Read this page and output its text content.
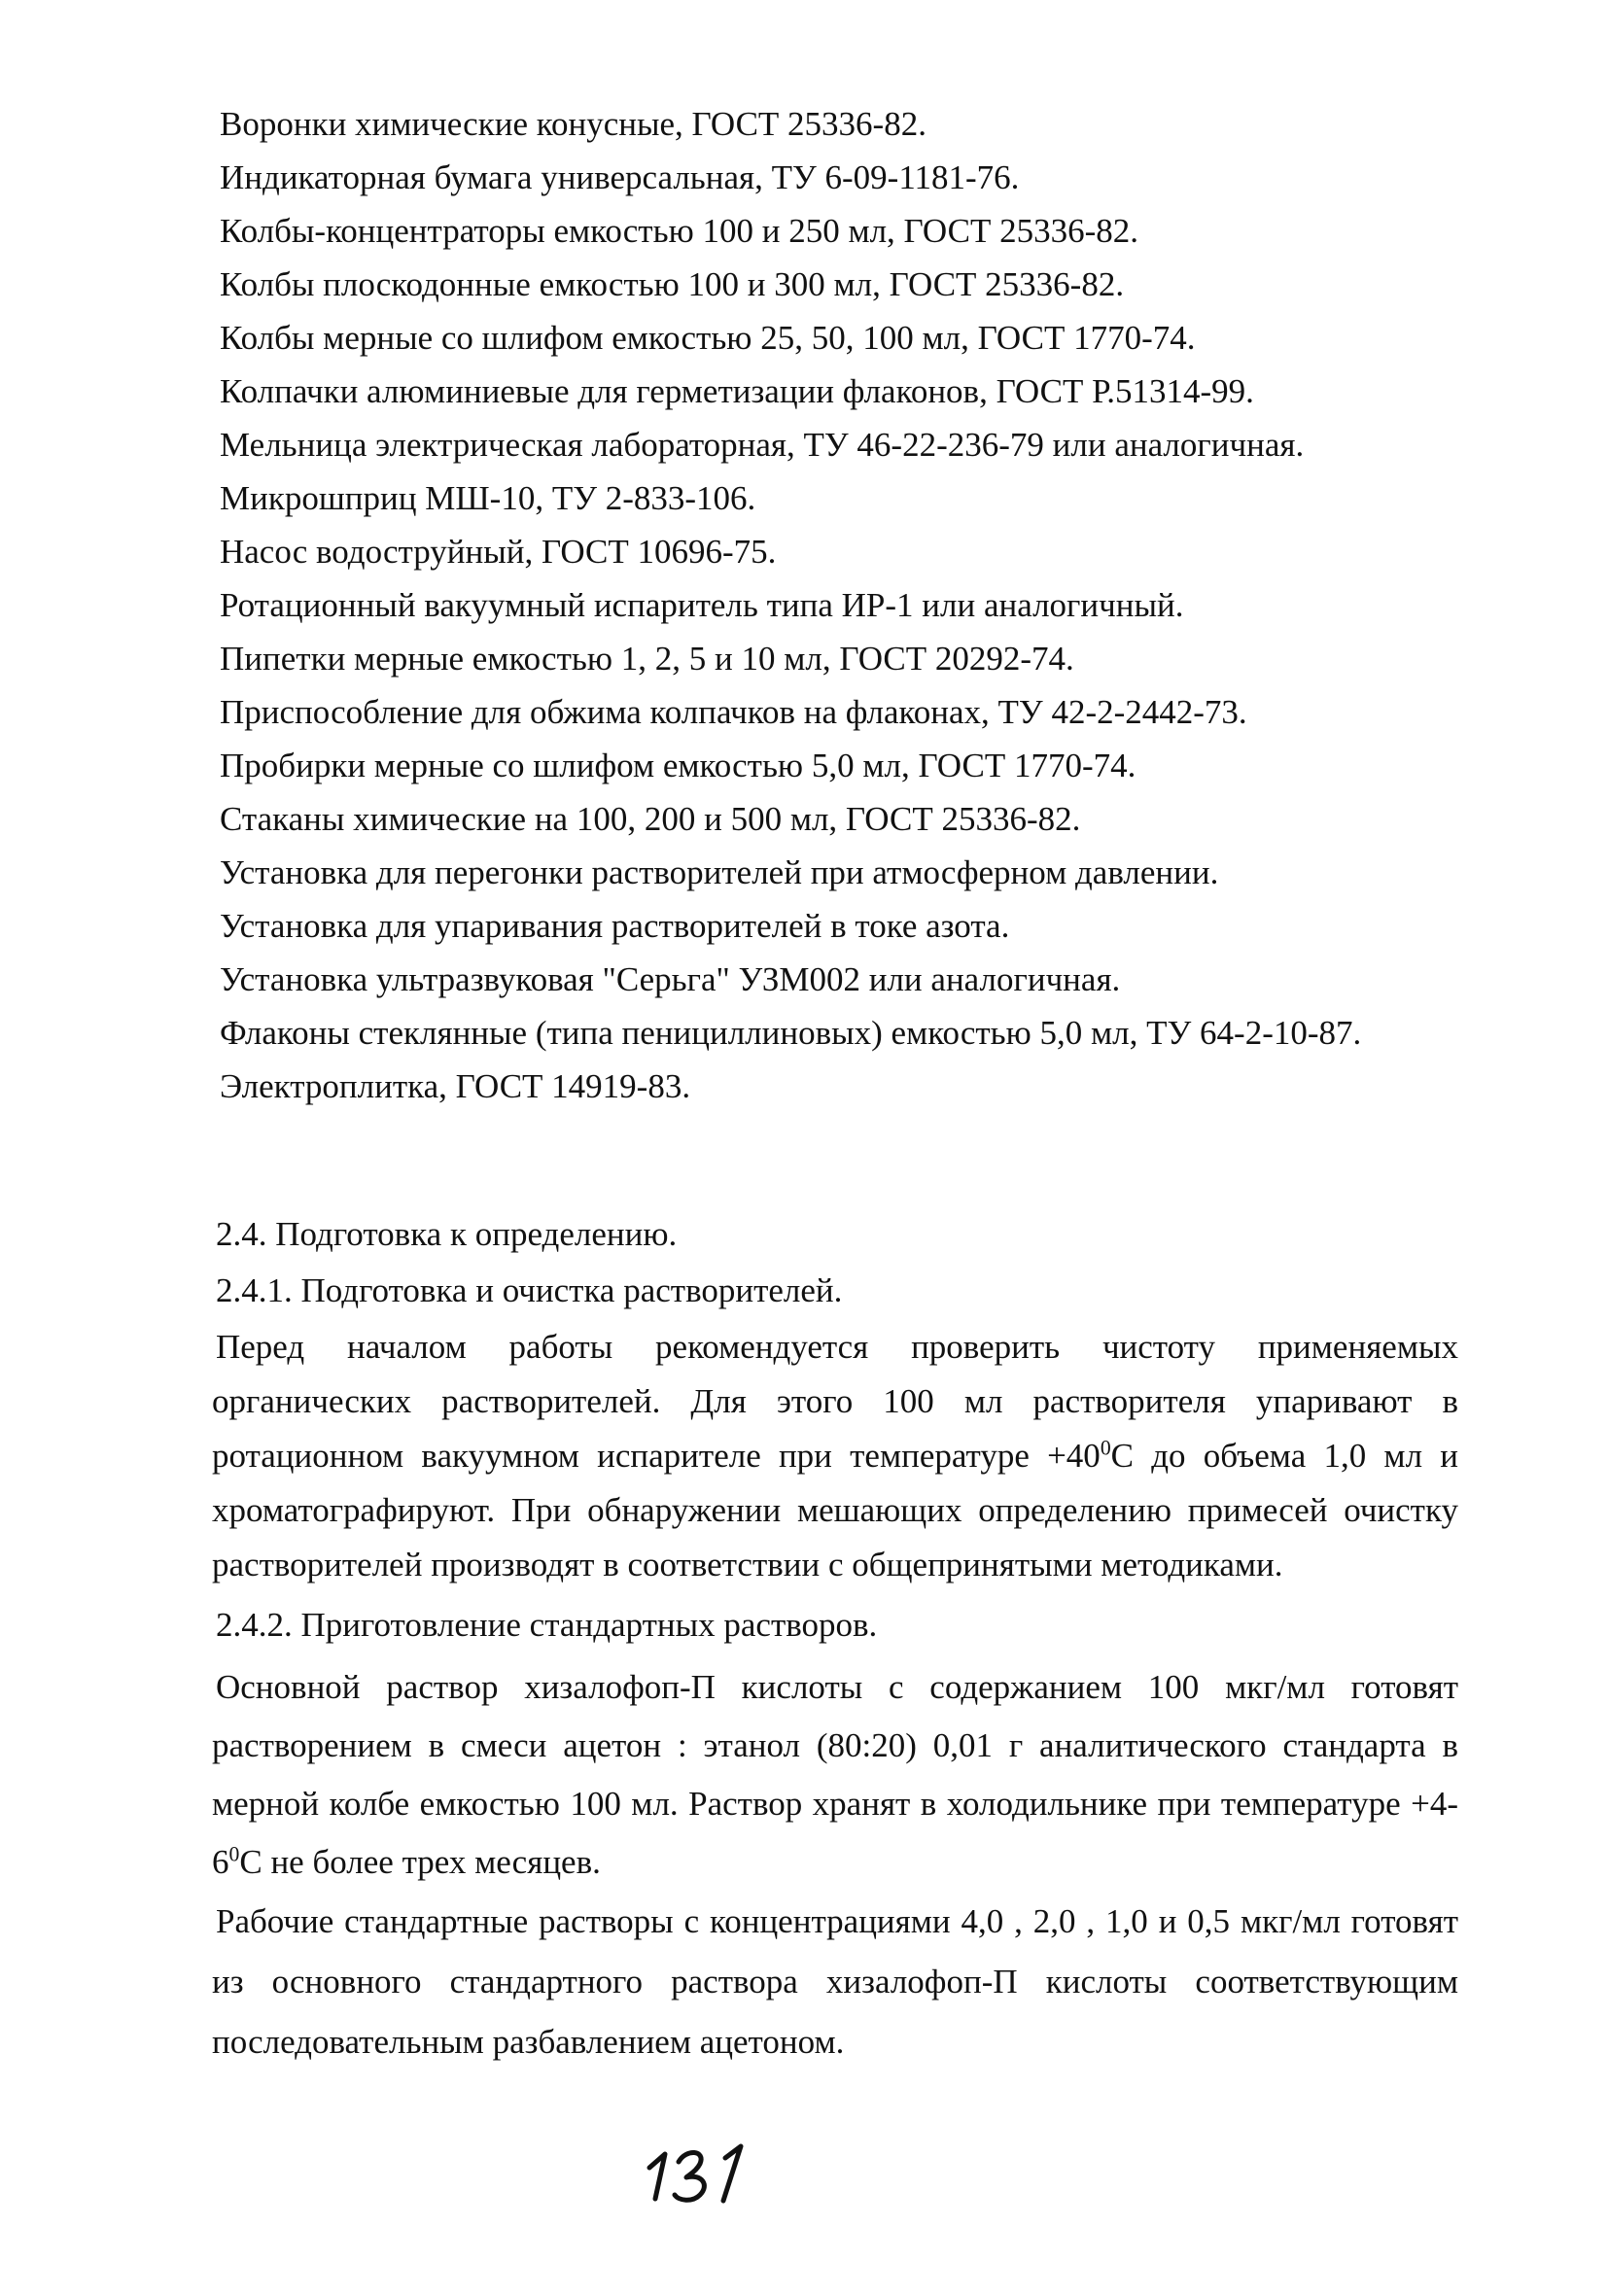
Воронки химические конусные, ГОСТ 25336-82.
Индикаторная бумага универсальная, ТУ 6-09-1181-76.
Колбы-концентраторы емкостью 100 и 250 мл, ГОСТ 25336-82.
Колбы плоскодонные емкостью 100 и 300 мл, ГОСТ 25336-82.
Колбы мерные со шлифом емкостью 25, 50, 100 мл, ГОСТ 1770-74.
Колпачки алюминиевые для герметизации флаконов, ГОСТ Р.51314-99.
Мельница электрическая лабораторная, ТУ 46-22-236-79 или аналогичная.
Микрошприц МШ-10, ТУ 2-833-106.
Насос водоструйный, ГОСТ 10696-75.
Ротационный вакуумный испаритель типа ИР-1 или аналогичный.
Пипетки мерные емкостью 1, 2, 5 и 10 мл, ГОСТ 20292-74.
Приспособление для обжима колпачков на флаконах, ТУ 42-2-2442-73.
Пробирки мерные со шлифом емкостью 5,0 мл, ГОСТ 1770-74.
Стаканы химические на 100, 200 и 500 мл, ГОСТ 25336-82.
Установка для перегонки растворителей при атмосферном давлении.
Установка для упаривания растворителей в токе азота.
Установка ультразвуковая "Серьга" УЗМ002 или аналогичная.
Флаконы стеклянные (типа пенициллиновых) емкостью 5,0 мл, ТУ 64-2-10-87.
Электроплитка, ГОСТ 14919-83.
2.4. Подготовка к определению.
2.4.1. Подготовка и очистка растворителей.
Перед началом работы рекомендуется проверить чистоту применяемых органических растворителей. Для этого 100 мл растворителя упаривают в ротационном вакуумном испарителе при температуре $+40^0С$ до объема 1,0 мл и хроматографируют. При обнаружении мешающих определению примесей очистку растворителей производят в соответствии с общепринятыми методиками.
2.4.2. Приготовление стандартных растворов.
Основной раствор хизалофоп-П кислоты с содержанием 100 мкг/мл готовят растворением в смеси ацетон : этанол (80:20) 0,01 г аналитического стандарта в мерной колбе емкостью 100 мл. Раствор хранят в холодильнике при температуре $+4-6^0С$ не более трех месяцев.
Рабочие стандартные растворы с концентрациями 4,0 , 2,0 , 1,0 и 0,5 мкг/мл готовят из основного стандартного раствора хизалофоп-П кислоты соответствующим последовательным разбавлением ацетоном.
